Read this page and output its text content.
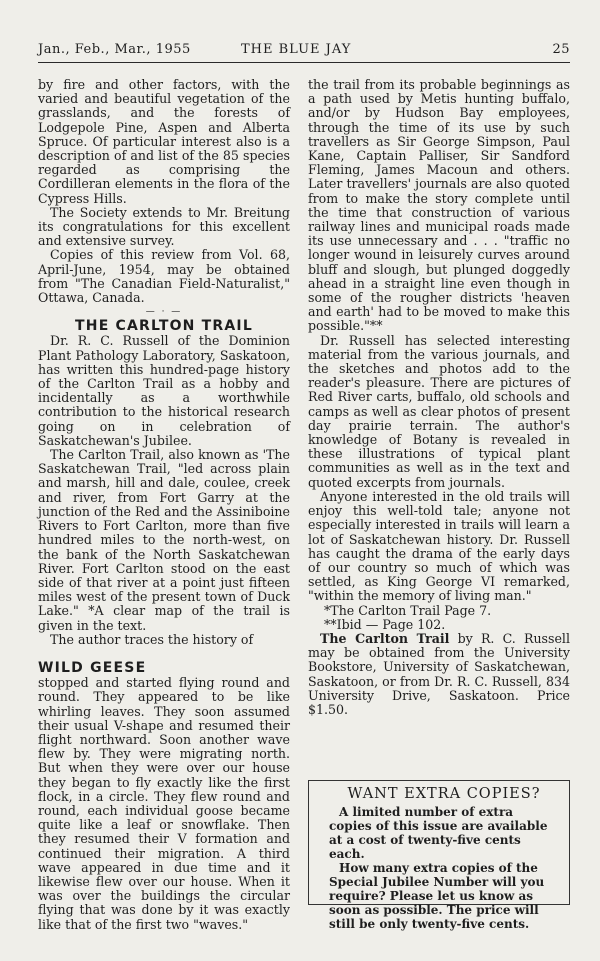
Jan., Feb., Mar., 1955	THE BLUE JAY	25

by fire and other factors, with the varied and beautiful vegetation of the grasslands, and the forests of Lodgepole Pine, Aspen and Alberta Spruce. Of particular interest also is a description of and list of the 85 species regarded as comprising the Cordilleran elements in the flora of the Cypress Hills.

The Society extends to Mr. Breitung its congratulations for this excellent and extensive survey.

Copies of this review from Vol. 68, April-June, 1954, may be obtained from "The Canadian Field-Naturalist," Ottawa, Canada.

— · —
THE CARLTON TRAIL

Dr. R. C. Russell of the Dominion Plant Pathology Laboratory, Saskatoon, has written this hundred-page history of the Carlton Trail as a hobby and incidentally as a worthwhile contribution to the historical research going on in celebration of Saskatchewan's Jubilee.

The Carlton Trail, also known as 'The Saskatchewan Trail, "led across plain and marsh, hill and dale, coulee, creek and river, from Fort Garry at the junction of the Red and the Assiniboine Rivers to Fort Carlton, more than five hundred miles to the north-west, on the bank of the North Saskatchewan River. Fort Carlton stood on the east side of that river at a point just fifteen miles west of the present town of Duck Lake." *A clear map of the trail is given in the text.

The author traces the history of

WILD GEESE

stopped and started flying round and round. They appeared to be like whirling leaves. They soon assumed their usual V-shape and resumed their flight northward. Soon another wave flew by. They were migrating north. But when they were over our house they began to fly exactly like the first flock, in a circle. They flew round and round, each individual goose became quite like a leaf or snowflake. Then they resumed their V formation and continued their migration. A third wave appeared in due time and it likewise flew over our house. When it was over the buildings the circular flying that was done by it was exactly like that of the first two "waves."

the trail from its probable beginnings as a path used by Metis hunting buffalo, and/or by Hudson Bay employees, through the time of its use by such travellers as Sir George Simpson, Paul Kane, Captain Palliser, Sir Sandford Fleming, James Macoun and others. Later travellers' journals are also quoted from to make the story complete until the time that construction of various railway lines and municipal roads made its use unnecessary and . . . "traffic no longer wound in leisurely curves around bluff and slough, but plunged doggedly ahead in a straight line even though in some of the rougher districts 'heaven and earth' had to be moved to make this possible."**

Dr. Russell has selected interesting material from the various journals, and the sketches and photos add to the reader's pleasure. There are pictures of Red River carts, buffalo, old schools and camps as well as clear photos of present day prairie terrain. The author's knowledge of Botany is revealed in these illustrations of typical plant communities as well as in the text and quoted excerpts from journals.

Anyone interested in the old trails will enjoy this well-told tale; anyone not especially interested in trails will learn a lot of Saskatchewan history. Dr. Russell has caught the drama of the early days of our country so much of which was settled, as King George VI remarked, "within the memory of living man."

*The Carlton Trail Page 7.

**Ibid — Page 102.

The Carlton Trail by R. C. Russell may be obtained from the University Bookstore, University of Saskatchewan, Saskatoon, or from Dr. R. C. Russell, 834 University Drive, Saskatoon. Price $1.50.

WANT EXTRA COPIES?

A limited number of extra copies of this issue are available at a cost of twenty-five cents each.

How many extra copies of the Special Jubilee Number will you require? Please let us know as soon as possible. The price will still be only twenty-five cents.
